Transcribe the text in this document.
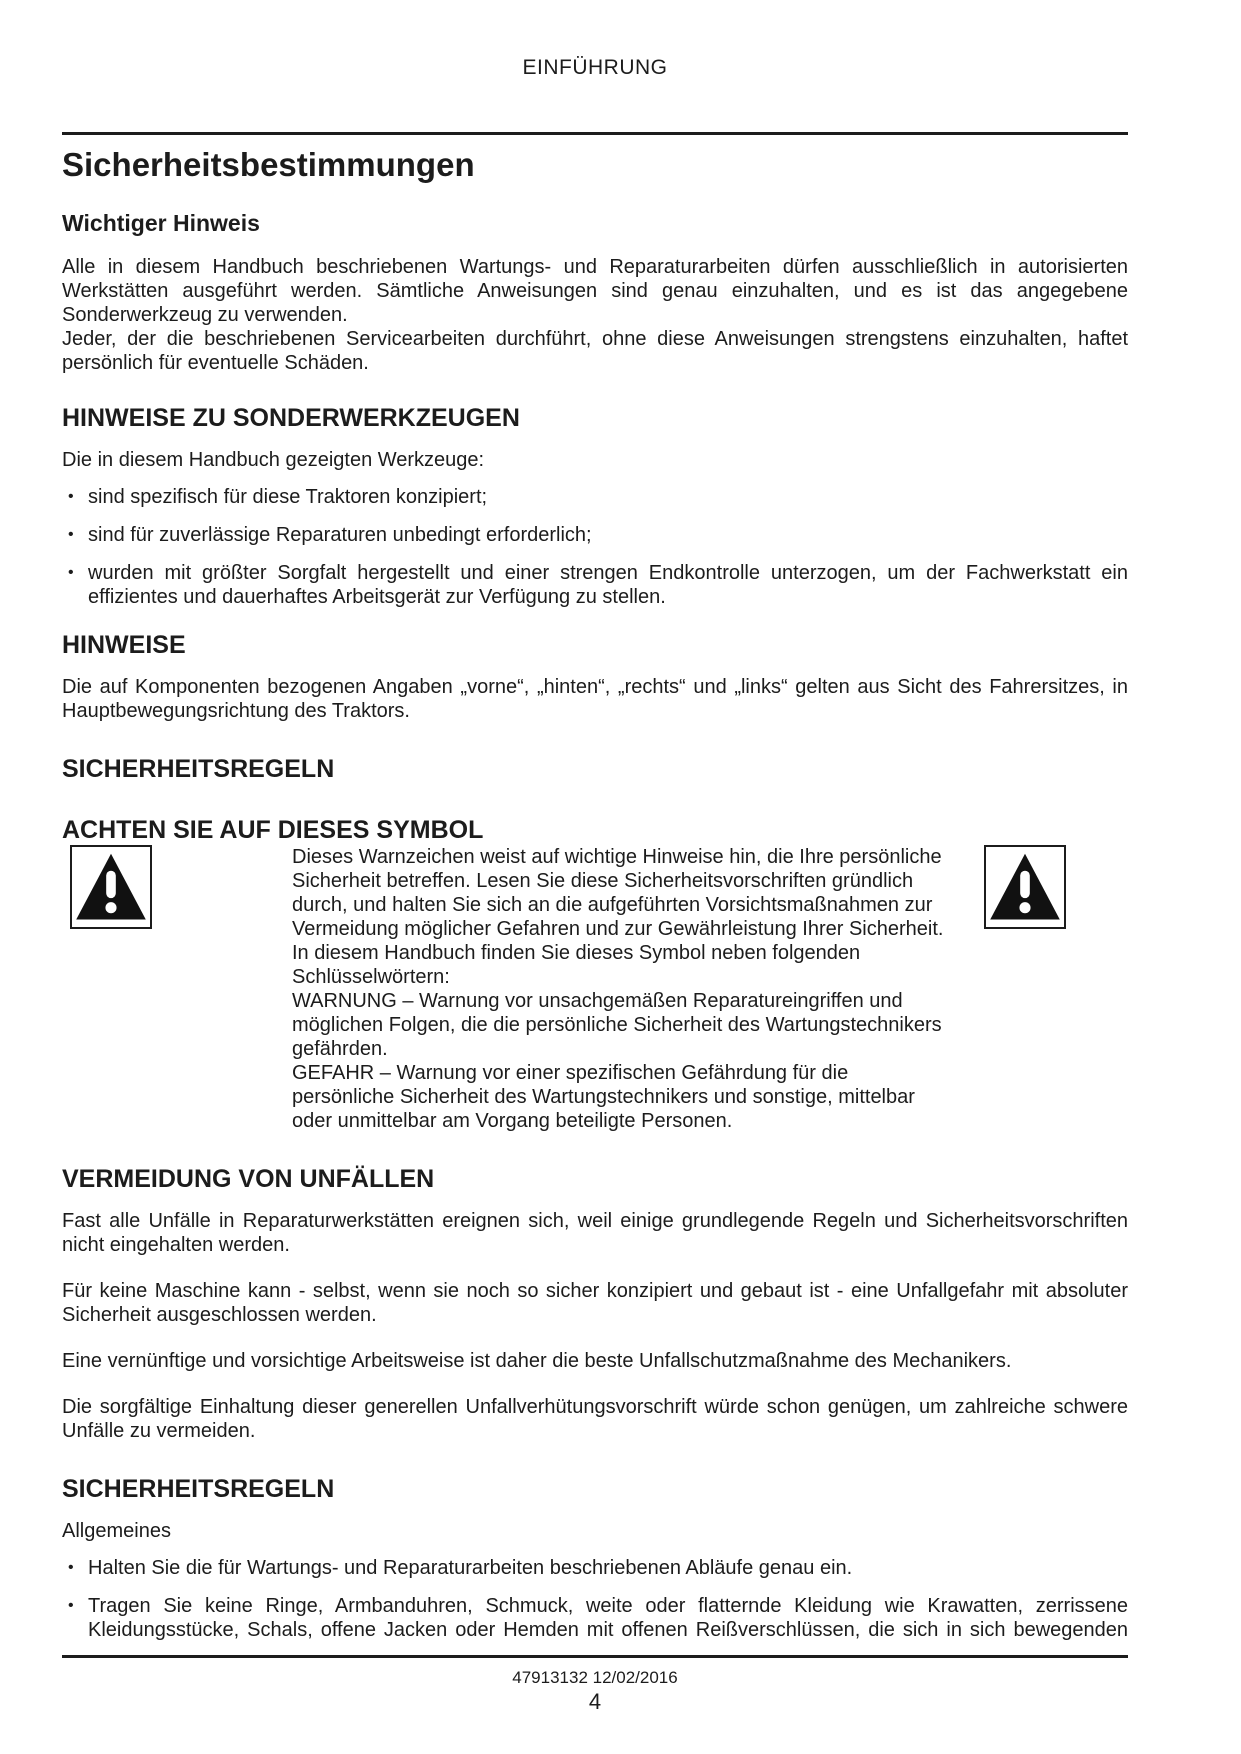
EINFÜHRUNG
Sicherheitsbestimmungen
Wichtiger Hinweis

Alle in diesem Handbuch beschriebenen Wartungs- und Reparaturarbeiten dürfen ausschließlich in autorisierten Werkstätten ausgeführt werden. Sämtliche Anweisungen sind genau einzuhalten, und es ist das angegebene Sonderwerkzeug zu verwenden.

Jeder, der die beschriebenen Servicearbeiten durchführt, ohne diese Anweisungen strengstens einzuhalten, haftet persönlich für eventuelle Schäden.

HINWEISE ZU SONDERWERKZEUGEN

Die in diesem Handbuch gezeigten Werkzeuge:

• sind spezifisch für diese Traktoren konzipiert;
• sind für zuverlässige Reparaturen unbedingt erforderlich;
• wurden mit größter Sorgfalt hergestellt und einer strengen Endkontrolle unterzogen, um der Fachwerkstatt ein effizientes und dauerhaftes Arbeitsgerät zur Verfügung zu stellen.
HINWEISE

Die auf Komponenten bezogenen Angaben „vorne“, „hinten“, „rechts“ und „links“ gelten aus Sicht des Fahrersitzes, in Hauptbewegungsrichtung des Traktors.

SICHERHEITSREGELN
ACHTEN SIE AUF DIESES SYMBOL

Dieses Warnzeichen weist auf wichtige Hinweise hin, die Ihre persönliche Sicherheit betreffen. Lesen Sie diese Sicherheitsvorschriften gründlich durch, und halten Sie sich an die aufgeführten Vorsichtsmaßnahmen zur Vermeidung möglicher Gefahren und zur Gewährleistung Ihrer Sicherheit. In diesem Handbuch finden Sie dieses Symbol neben folgenden Schlüsselwörtern:

WARNUNG – Warnung vor unsachgemäßen Reparatureingriffen und möglichen Folgen, die die persönliche Sicherheit des Wartungstechnikers gefährden.

GEFAHR – Warnung vor einer spezifischen Gefährdung für die persönliche Sicherheit des Wartungstechnikers und sonstige, mittelbar oder unmittelbar am Vorgang beteiligte Personen.

VERMEIDUNG VON UNFÄLLEN

Fast alle Unfälle in Reparaturwerkstätten ereignen sich, weil einige grundlegende Regeln und Sicherheitsvorschriften nicht eingehalten werden.

Für keine Maschine kann - selbst, wenn sie noch so sicher konzipiert und gebaut ist - eine Unfallgefahr mit absoluter Sicherheit ausgeschlossen werden.

Eine vernünftige und vorsichtige Arbeitsweise ist daher die beste Unfallschutzmaßnahme des Mechanikers.

Die sorgfältige Einhaltung dieser generellen Unfallverhütungsvorschrift würde schon genügen, um zahlreiche schwere Unfälle zu vermeiden.

SICHERHEITSREGELN

Allgemeines

• Halten Sie die für Wartungs- und Reparaturarbeiten beschriebenen Abläufe genau ein.
• Tragen Sie keine Ringe, Armbanduhren, Schmuck, weite oder flatternde Kleidung wie Krawatten, zerrissene Kleidungsstücke, Schals, offene Jacken oder Hemden mit offenen Reißverschlüssen, die sich in sich bewegenden
47913132 12/02/2016
4
